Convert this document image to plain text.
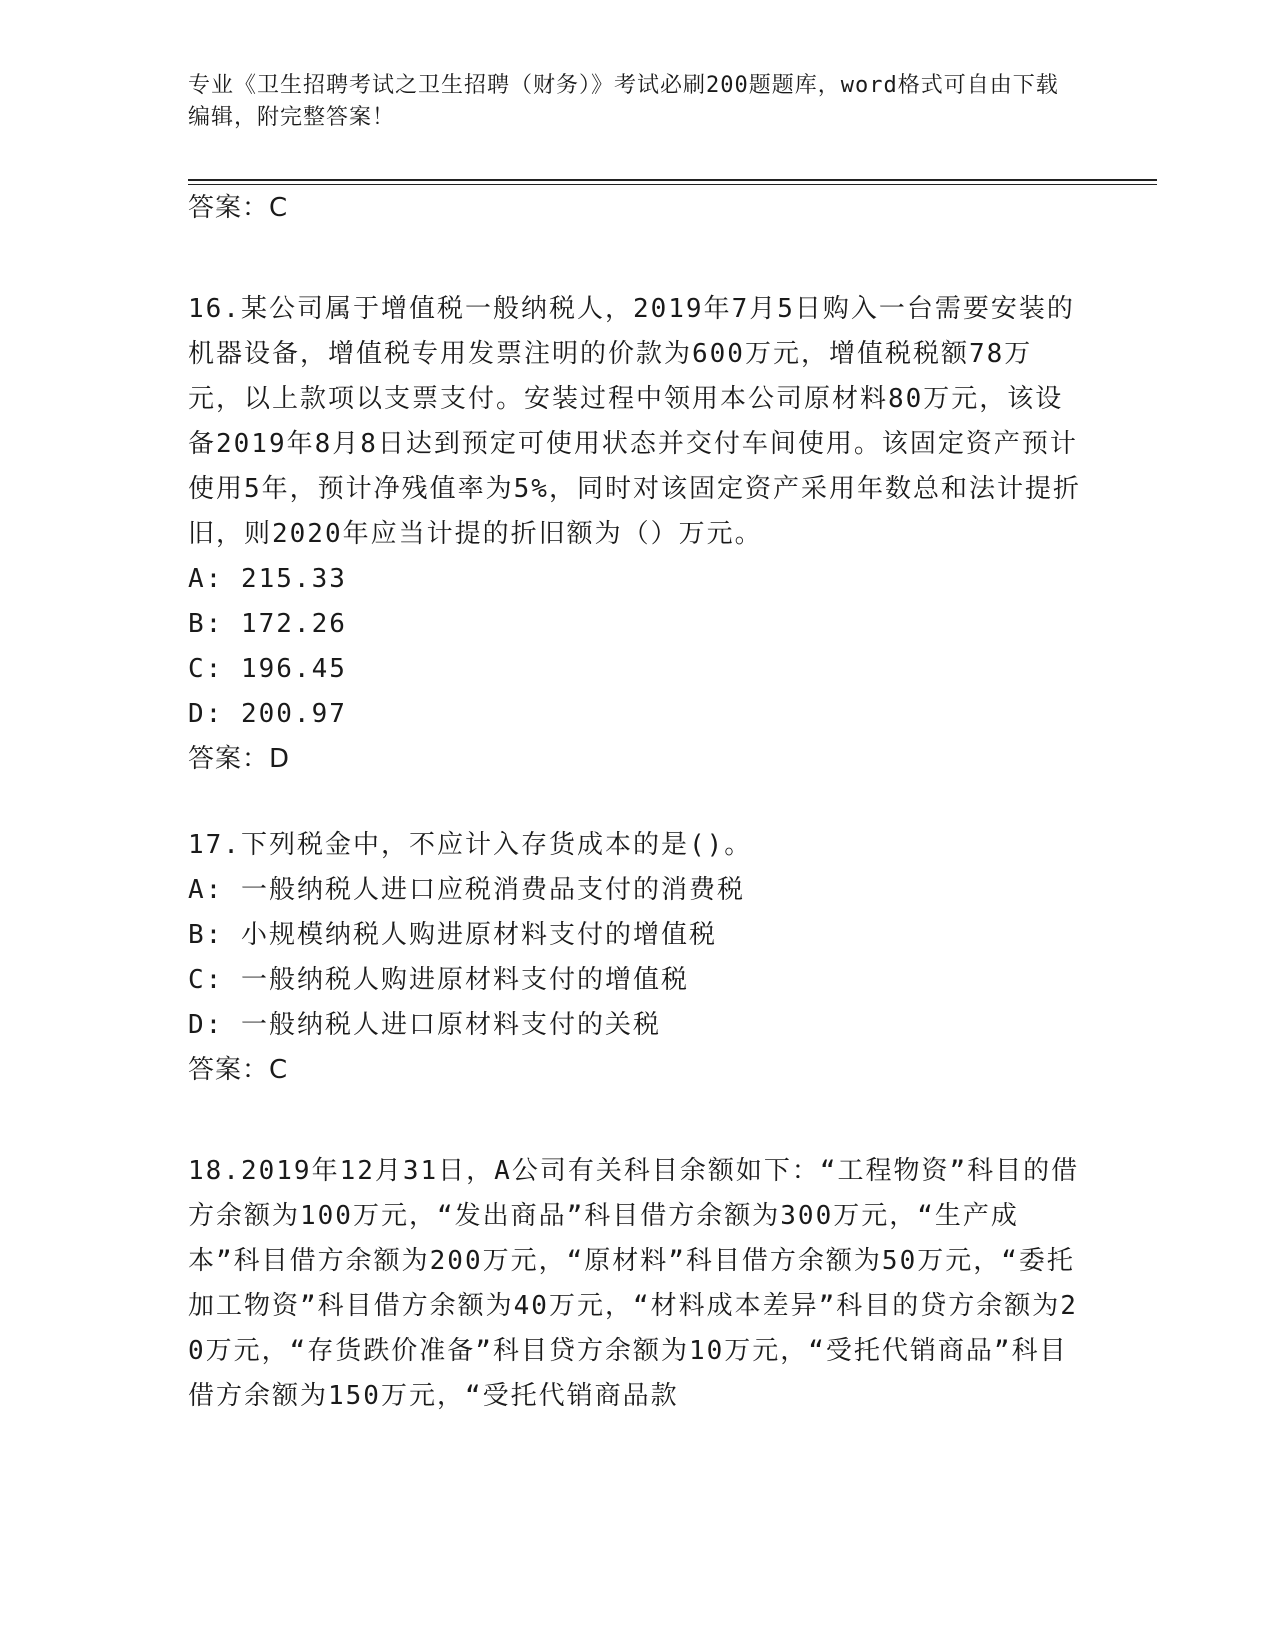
专业《卫生招聘考试之卫生招聘（财务）》考试必刷200题题库，word格式可自由下载编辑，附完整答案！
答案：C
16.某公司属于增值税一般纳税人，2019年7月5日购入一台需要安装的机器设备，增值税专用发票注明的价款为600万元，增值税税额78万元，以上款项以支票支付。安装过程中领用本公司原材料80万元，该设备2019年8月8日达到预定可使用状态并交付车间使用。该固定资产预计使用5年，预计净残值率为5%，同时对该固定资产采用年数总和法计提折旧，则2020年应当计提的折旧额为（）万元。
A: 215.33
B: 172.26
C: 196.45
D: 200.97
答案：D
17.下列税金中，不应计入存货成本的是()。
A: 一般纳税人进口应税消费品支付的消费税
B: 小规模纳税人购进原材料支付的增值税
C: 一般纳税人购进原材料支付的增值税
D: 一般纳税人进口原材料支付的关税
答案：C
18.2019年12月31日，A公司有关科目余额如下：“工程物资”科目的借方余额为100万元，“发出商品”科目借方余额为300万元，“生产成本”科目借方余额为200万元，“原材料”科目借方余额为50万元，“委托加工物资”科目借方余额为40万元，“材料成本差异”科目的贷方余额为20万元，“存货跌价准备”科目贷方余额为10万元，“受托代销商品”科目借方余额为150万元，“受托代销商品款
